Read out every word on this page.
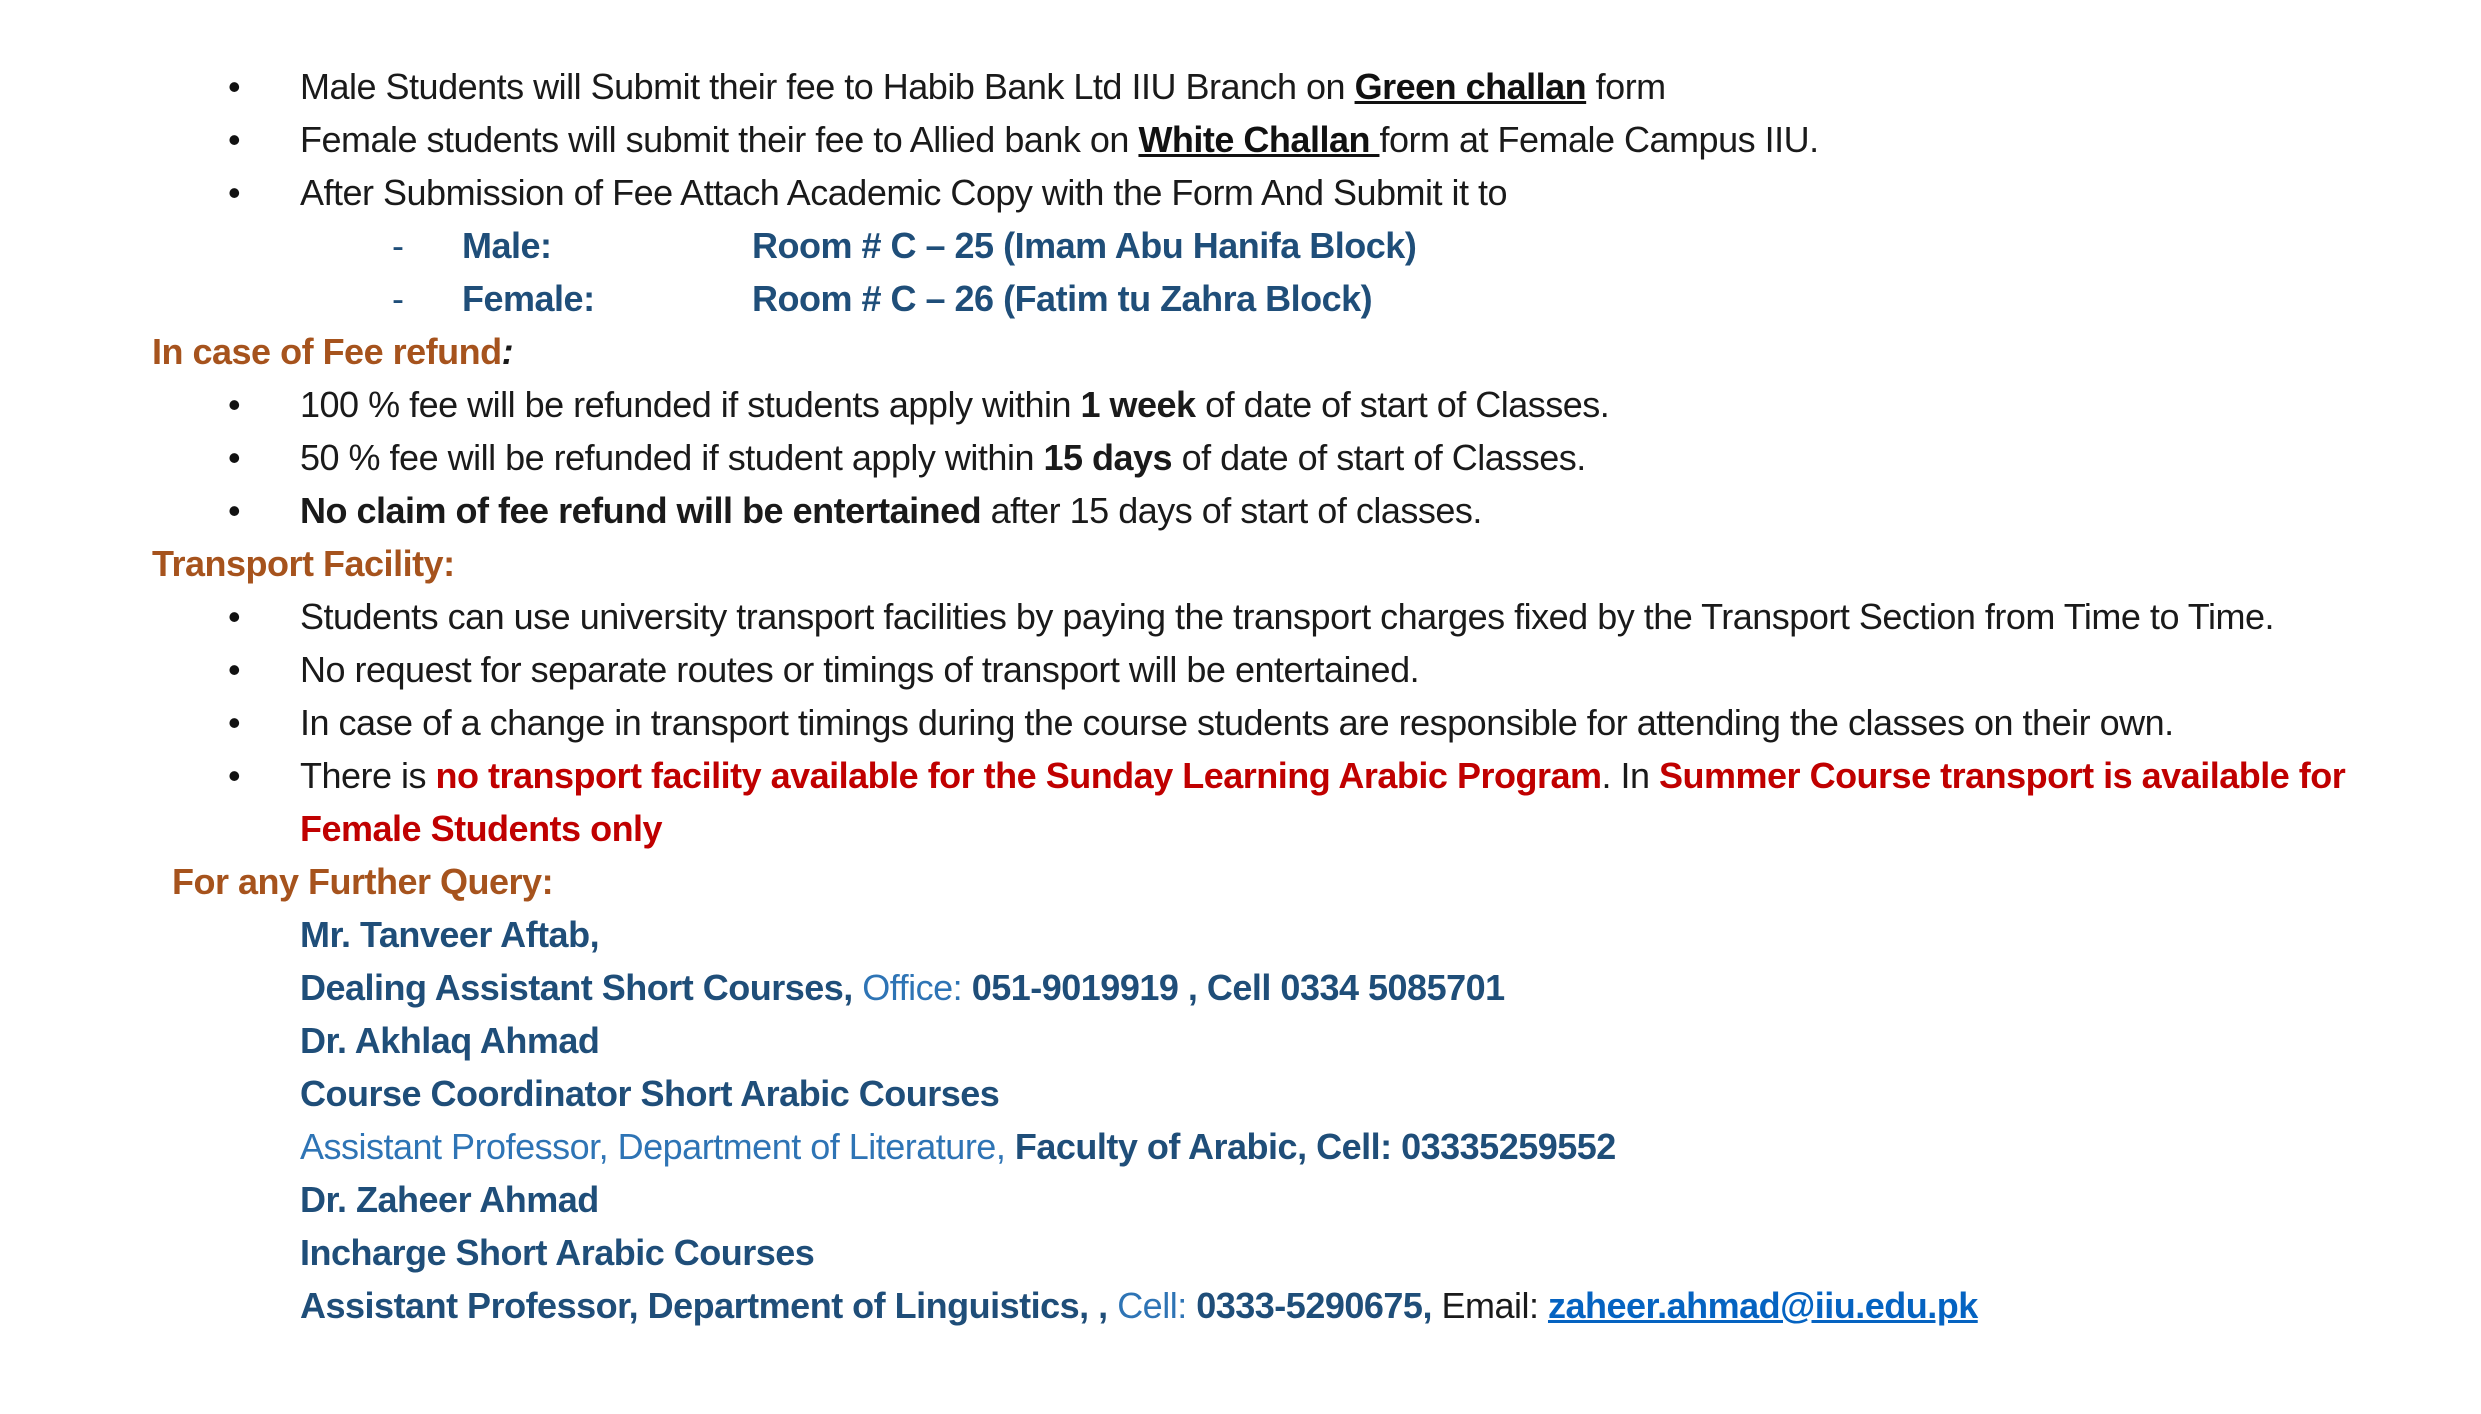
•	Male Students will Submit their fee to Habib Bank Ltd IIU Branch on Green challan form
•	Female students will submit their fee to Allied bank on White Challan form at Female Campus IIU.
•	After Submission of Fee Attach Academic Copy with the Form And Submit it to
-	Male:	Room # C – 25 (Imam Abu Hanifa Block)
-	Female:	Room # C – 26 (Fatim tu Zahra Block)
In case of Fee refund:
•	100 % fee will be refunded if students apply within 1 week of date of start of Classes.
•	50 % fee will be refunded if student apply within 15 days of date of start of Classes.
•	No claim of fee refund will be entertained after 15 days of start of classes.
Transport Facility:
•	Students can use university transport facilities by paying the transport charges fixed by the Transport Section from Time to Time.
•	No request for separate routes or timings of transport will be entertained.
•	In case of a change in transport timings during the course students are responsible for attending the classes on their own.
•	There is no transport facility available for the Sunday Learning Arabic Program. In Summer Course transport is available for Female Students only
For any Further Query:
Mr. Tanveer Aftab,
Dealing Assistant Short Courses, Office: 051-9019919 , Cell 0334 5085701
Dr. Akhlaq Ahmad
Course Coordinator Short Arabic Courses
Assistant Professor, Department of Literature, Faculty of Arabic, Cell: 03335259552
Dr. Zaheer Ahmad
Incharge Short Arabic Courses
Assistant Professor, Department of Linguistics, , Cell: 0333-5290675, Email: zaheer.ahmad@iiu.edu.pk
